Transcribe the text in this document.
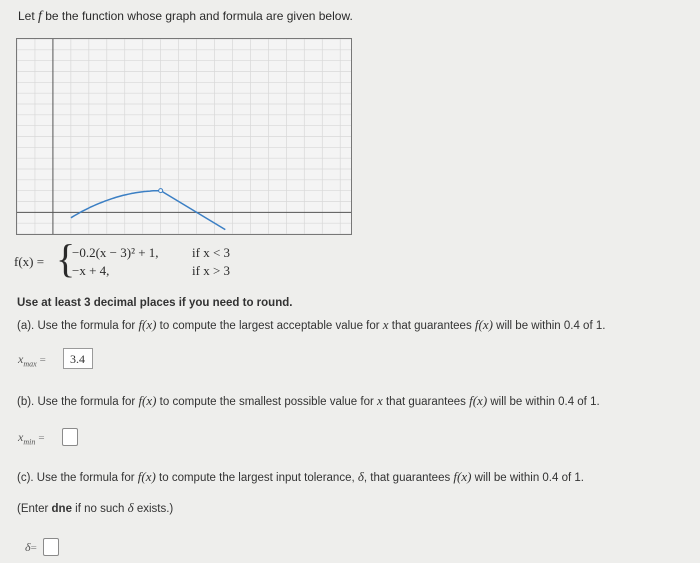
Let f be the function whose graph and formula are given below.
f(x) = {
−0.2(x − 3)² + 1,	if x < 3
−x + 4,	if x > 3
Use at least 3 decimal places if you need to round.
(a). Use the formula for f(x) to compute the largest acceptable value for x that guarantees f(x) will be within 0.4 of 1.
$x_{max}$ =	3.4
(b). Use the formula for f(x) to compute the smallest possible value for x that guarantees f(x) will be within 0.4 of 1.
$x_{min}$ =
(c). Use the formula for f(x) to compute the largest input tolerance, δ, that guarantees f(x) will be within 0.4 of 1.
(Enter dne if no such δ exists.)
δ=
